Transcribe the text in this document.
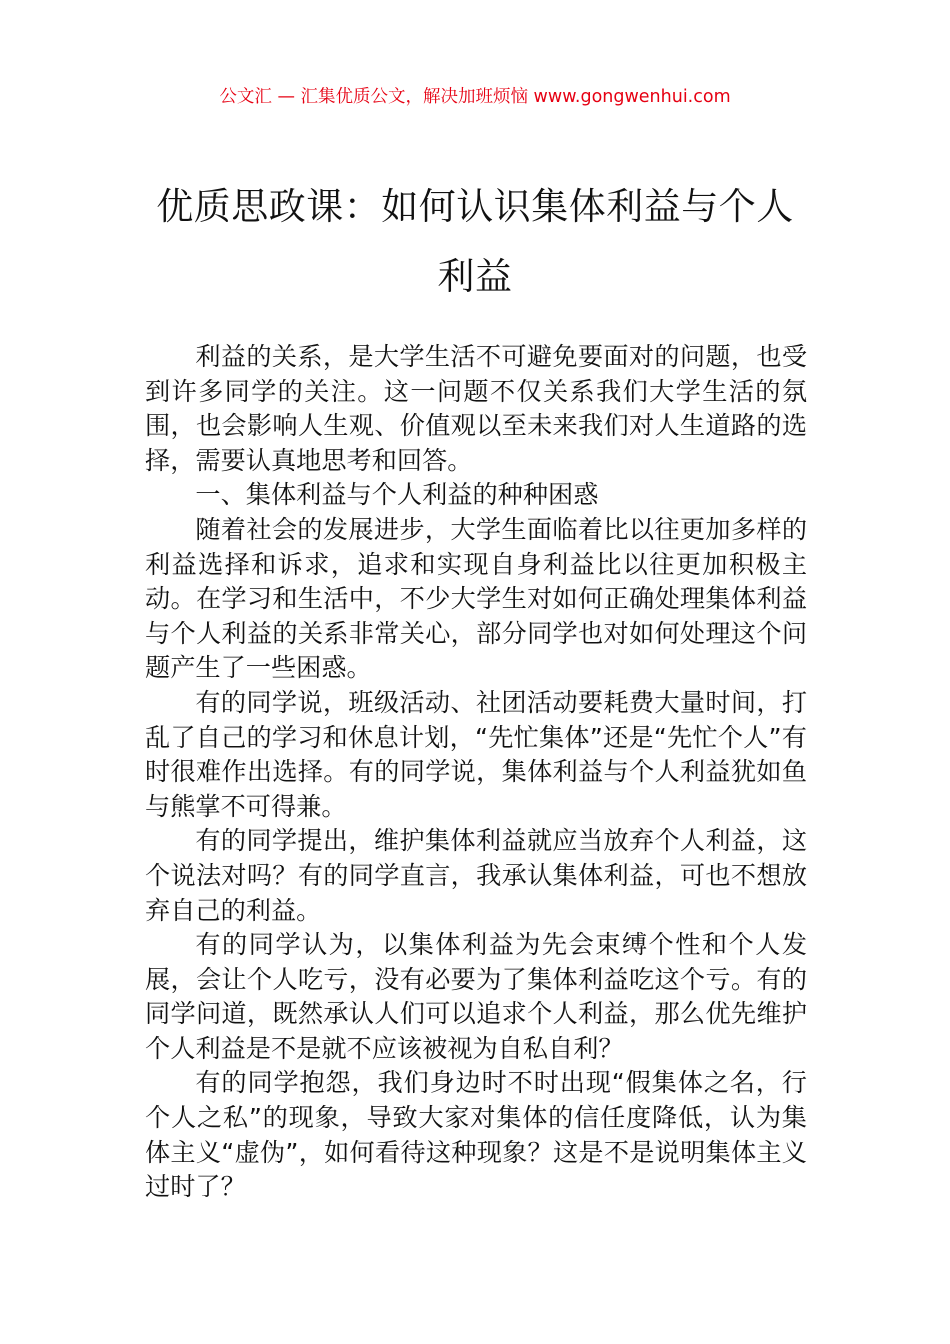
公文汇 — 汇集优质公文，解决加班烦恼 www.gongwenhui.com
优质思政课：如何认识集体利益与个人利益

利益的关系，是大学生活不可避免要面对的问题，也受到许多同学的关注。这一问题不仅关系我们大学生活的氛围，也会影响人生观、价值观以至未来我们对人生道路的选择，需要认真地思考和回答。

一、集体利益与个人利益的种种困惑

随着社会的发展进步，大学生面临着比以往更加多样的利益选择和诉求，追求和实现自身利益比以往更加积极主动。在学习和生活中，不少大学生对如何正确处理集体利益与个人利益的关系非常关心，部分同学也对如何处理这个问题产生了一些困惑。

有的同学说，班级活动、社团活动要耗费大量时间，打乱了自己的学习和休息计划，“先忙集体”还是“先忙个人”有时很难作出选择。有的同学说，集体利益与个人利益犹如鱼与熊掌不可得兼。

有的同学提出，维护集体利益就应当放弃个人利益，这个说法对吗？有的同学直言，我承认集体利益，可也不想放弃自己的利益。

有的同学认为，以集体利益为先会束缚个性和个人发展，会让个人吃亏，没有必要为了集体利益吃这个亏。有的同学问道，既然承认人们可以追求个人利益，那么优先维护个人利益是不是就不应该被视为自私自利？

有的同学抱怨，我们身边时不时出现“假集体之名，行个人之私”的现象，导致大家对集体的信任度降低，认为集体主义“虚伪”，如何看待这种现象？这是不是说明集体主义过时了？
